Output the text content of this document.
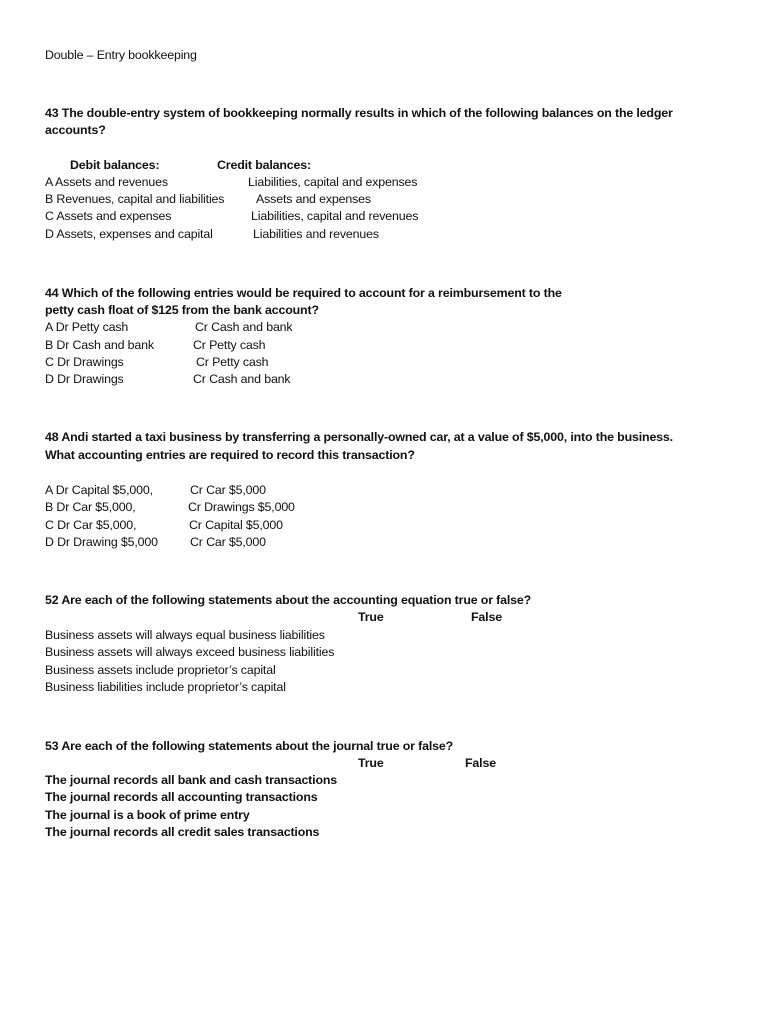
Double – Entry bookkeeping
43 The double-entry system of bookkeeping normally results in which of the following balances on the ledger
accounts?
Debit balances:	Credit balances:
A Assets and revenues	Liabilities, capital and expenses
B Revenues, capital and liabilities	Assets and expenses
C Assets and expenses	Liabilities, capital and revenues
D Assets, expenses and capital	Liabilities and revenues
44 Which of the following entries would be required to account for a reimbursement to the
petty cash float of $125 from the bank account?
A Dr Petty cash	Cr Cash and bank
B Dr Cash and bank	Cr Petty cash
C Dr Drawings	Cr Petty cash
D Dr Drawings	Cr Cash and bank
48 Andi started a taxi business by transferring a personally-owned car, at a value of $5,000, into the business.
What accounting entries are required to record this transaction?
A Dr Capital $5,000,	Cr Car $5,000
B Dr Car $5,000,	Cr Drawings $5,000
C Dr Car $5,000,	Cr Capital $5,000
D Dr Drawing $5,000	Cr Car $5,000
52 Are each of the following statements about the accounting equation true or false?
True	False
Business assets will always equal business liabilities
Business assets will always exceed business liabilities
Business assets include proprietor’s capital
Business liabilities include proprietor’s capital
53 Are each of the following statements about the journal true or false?
True	False
The journal records all bank and cash transactions
The journal records all accounting transactions
The journal is a book of prime entry
The journal records all credit sales transactions
